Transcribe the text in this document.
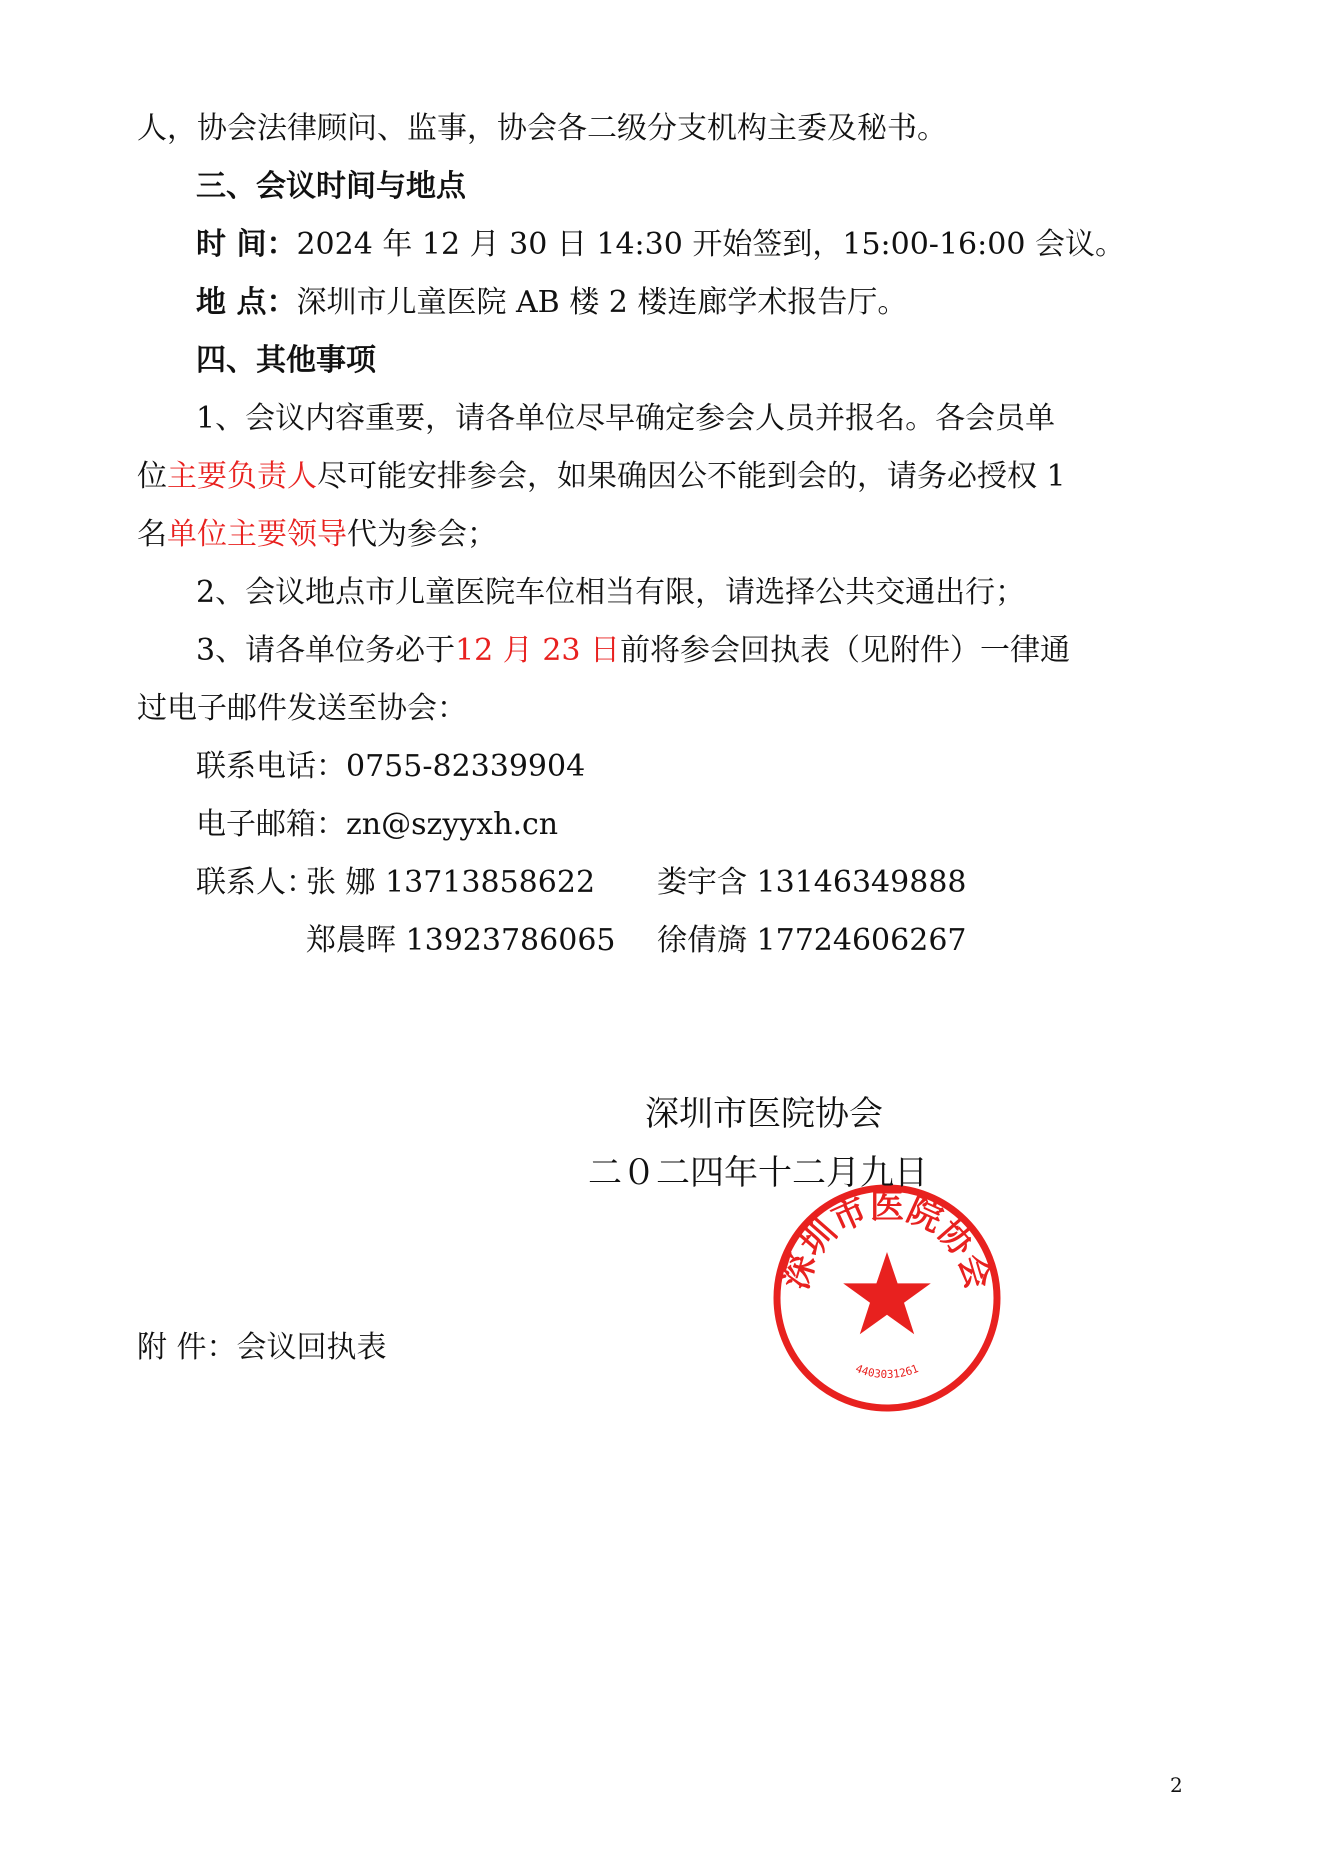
人，协会法律顾问、监事，协会各二级分支机构主委及秘书。
三、会议时间与地点
时 间：2024 年 12 月 30 日 14:30 开始签到，15:00-16:00 会议。
地 点：深圳市儿童医院 AB 楼 2 楼连廊学术报告厅。
四、其他事项
1、会议内容重要，请各单位尽早确定参会人员并报名。各会员单
位主要负责人尽可能安排参会，如果确因公不能到会的，请务必授权 1
名单位主要领导代为参会；
2、会议地点市儿童医院车位相当有限，请选择公共交通出行；
3、请各单位务必于12 月 23 日前将参会回执表（见附件）一律通
过电子邮件发送至协会：
联系电话：0755-82339904
电子邮箱：zn@szyyxh.cn
联系人：
张 娜 13713858622 娄宇含 13146349888
郑晨晖 13923786065 徐倩旖 17724606267
深圳市医院协会
4403031261
深圳市医院协会
二０二四年十二月九日
附 件：会议回执表
2
